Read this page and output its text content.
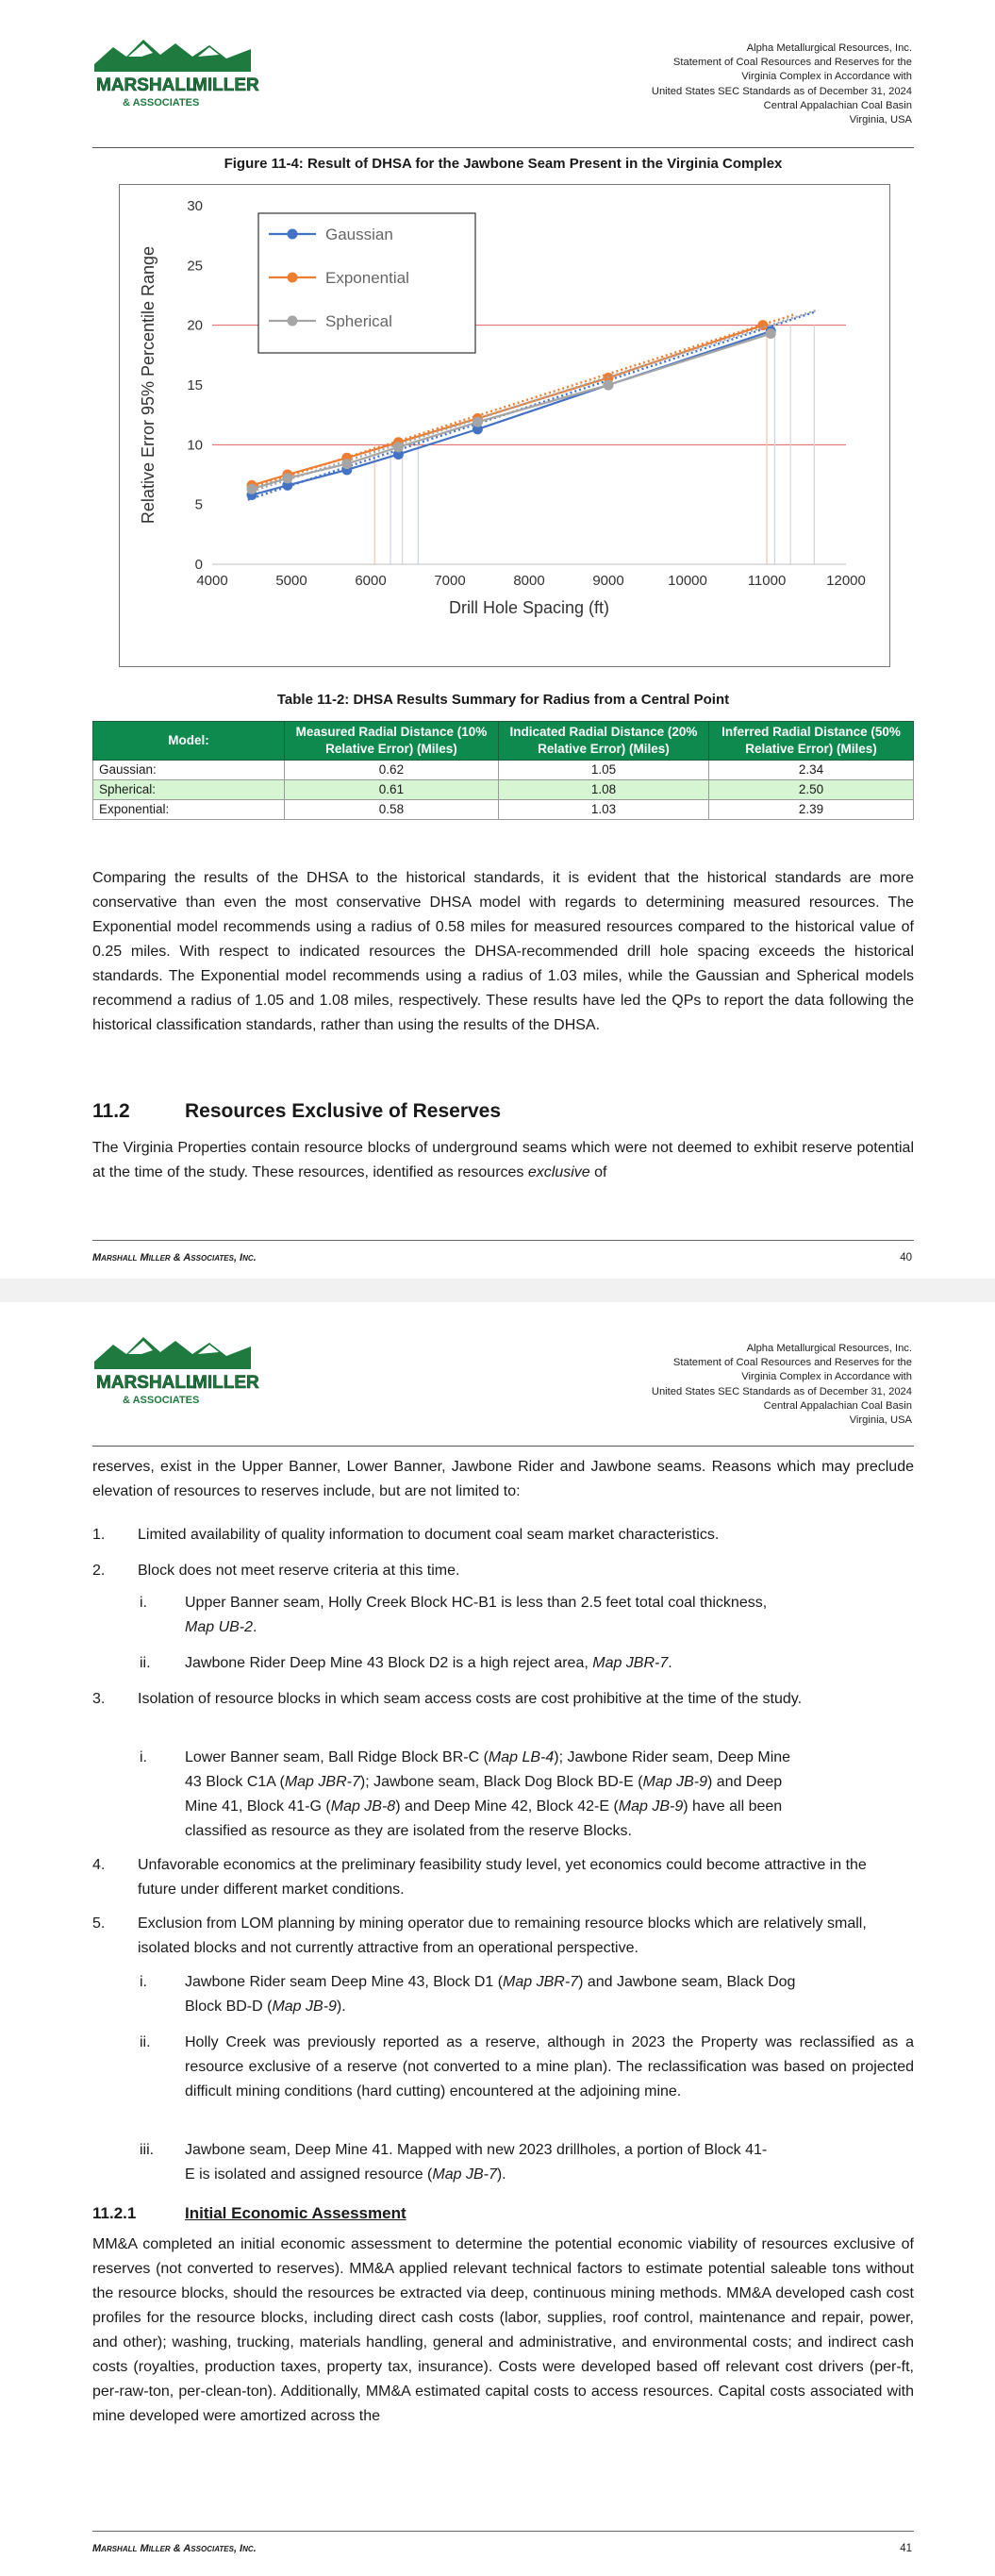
MARSHALL
MILLER
& ASSOCIATES
Alpha Metallurgical Resources, Inc.
Statement of Coal Resources and Reserves for the
Virginia Complex in Accordance with
United States SEC Standards as of December 31, 2024
Central Appalachian Coal Basin
Virginia, USA
Figure 11-4: Result of DHSA for the Jawbone Seam Present in the Virginia Complex
4000	5000	6000	7000	8000	9000	10000	11000	12000
0
5
10
15
20
25
30
Drill Hole Spacing (ft)
Relative Error 95% Percentile Range
Gaussian
Exponential
Spherical
Table 11-2: DHSA Results Summary for Radius from a Central Point
Model:	Measured Radial Distance (10% Relative Error) (Miles)	Indicated Radial Distance (20% Relative Error) (Miles)	Inferred Radial Distance (50% Relative Error) (Miles)
Gaussian:	0.62	1.05	2.34
Spherical:	0.61	1.08	2.50
Exponential:	0.58	1.03	2.39
Comparing the results of the DHSA to the historical standards, it is evident that the historical standards are more conservative than even the most conservative DHSA model with regards to determining measured resources. The Exponential model recommends using a radius of 0.58 miles for measured resources compared to the historical value of 0.25 miles. With respect to indicated resources the DHSA-recommended drill hole spacing exceeds the historical standards. The Exponential model recommends using a radius of 1.03 miles, while the Gaussian and Spherical models recommend a radius of 1.05 and 1.08 miles, respectively. These results have led the QPs to report the data following the historical classification standards, rather than using the results of the DHSA.
11.2	Resources Exclusive of Reserves
The Virginia Properties contain resource blocks of underground seams which were not deemed to exhibit reserve potential at the time of the study. These resources, identified as resources exclusive of
Marshall Miller & Associates, Inc.	40
MARSHALL
MILLER
& ASSOCIATES
Alpha Metallurgical Resources, Inc.
Statement of Coal Resources and Reserves for the
Virginia Complex in Accordance with
United States SEC Standards as of December 31, 2024
Central Appalachian Coal Basin
Virginia, USA
reserves, exist in the Upper Banner, Lower Banner, Jawbone Rider and Jawbone seams. Reasons which may preclude elevation of resources to reserves include, but are not limited to:
1. Limited availability of quality information to document coal seam market characteristics.
2. Block does not meet reserve criteria at this time.
i.	Upper Banner seam, Holly Creek Block HC-B1 is less than 2.5 feet total coal thickness,
Map UB-2.
ii. Jawbone Rider Deep Mine 43 Block D2 is a high reject area, Map JBR-7.
3. Isolation of resource blocks in which seam access costs are cost prohibitive at the time of the study.
i.	Lower Banner seam, Ball Ridge Block BR-C (Map LB-4); Jawbone Rider seam, Deep Mine
43 Block C1A (Map JBR-7); Jawbone seam, Black Dog Block BD-E (Map JB-9) and Deep
Mine 41, Block 41-G (Map JB-8) and Deep Mine 42, Block 42-E (Map JB-9) have all been
classified as resource as they are isolated from the reserve Blocks.
4. Unfavorable economics at the preliminary feasibility study level, yet economics could become attractive in the future under different market conditions.
5. Exclusion from LOM planning by mining operator due to remaining resource blocks which are relatively small, isolated blocks and not currently attractive from an operational perspective.
i.	Jawbone Rider seam Deep Mine 43, Block D1 (Map JBR-7) and Jawbone seam, Black Dog
Block BD-D (Map JB-9).
ii. Holly Creek was previously reported as a reserve, although in 2023 the Property was reclassified as a resource exclusive of a reserve (not converted to a mine plan). The reclassification was based on projected difficult mining conditions (hard cutting) encountered at the adjoining mine.
iii. Jawbone seam, Deep Mine 41. Mapped with new 2023 drillholes, a portion of Block 41-
E is isolated and assigned resource (Map JB-7).
11.2.1	Initial Economic Assessment
MM&A completed an initial economic assessment to determine the potential economic viability of resources exclusive of reserves (not converted to reserves). MM&A applied relevant technical factors to estimate potential saleable tons without the resource blocks, should the resources be extracted via deep, continuous mining methods. MM&A developed cash cost profiles for the resource blocks, including direct cash costs (labor, supplies, roof control, maintenance and repair, power, and other); washing, trucking, materials handling, general and administrative, and environmental costs; and indirect cash costs (royalties, production taxes, property tax, insurance). Costs were developed based off relevant cost drivers (per-ft, per-raw-ton, per-clean-ton). Additionally, MM&A estimated capital costs to access resources. Capital costs associated with mine developed were amortized across the
Marshall Miller & Associates, Inc.	41
